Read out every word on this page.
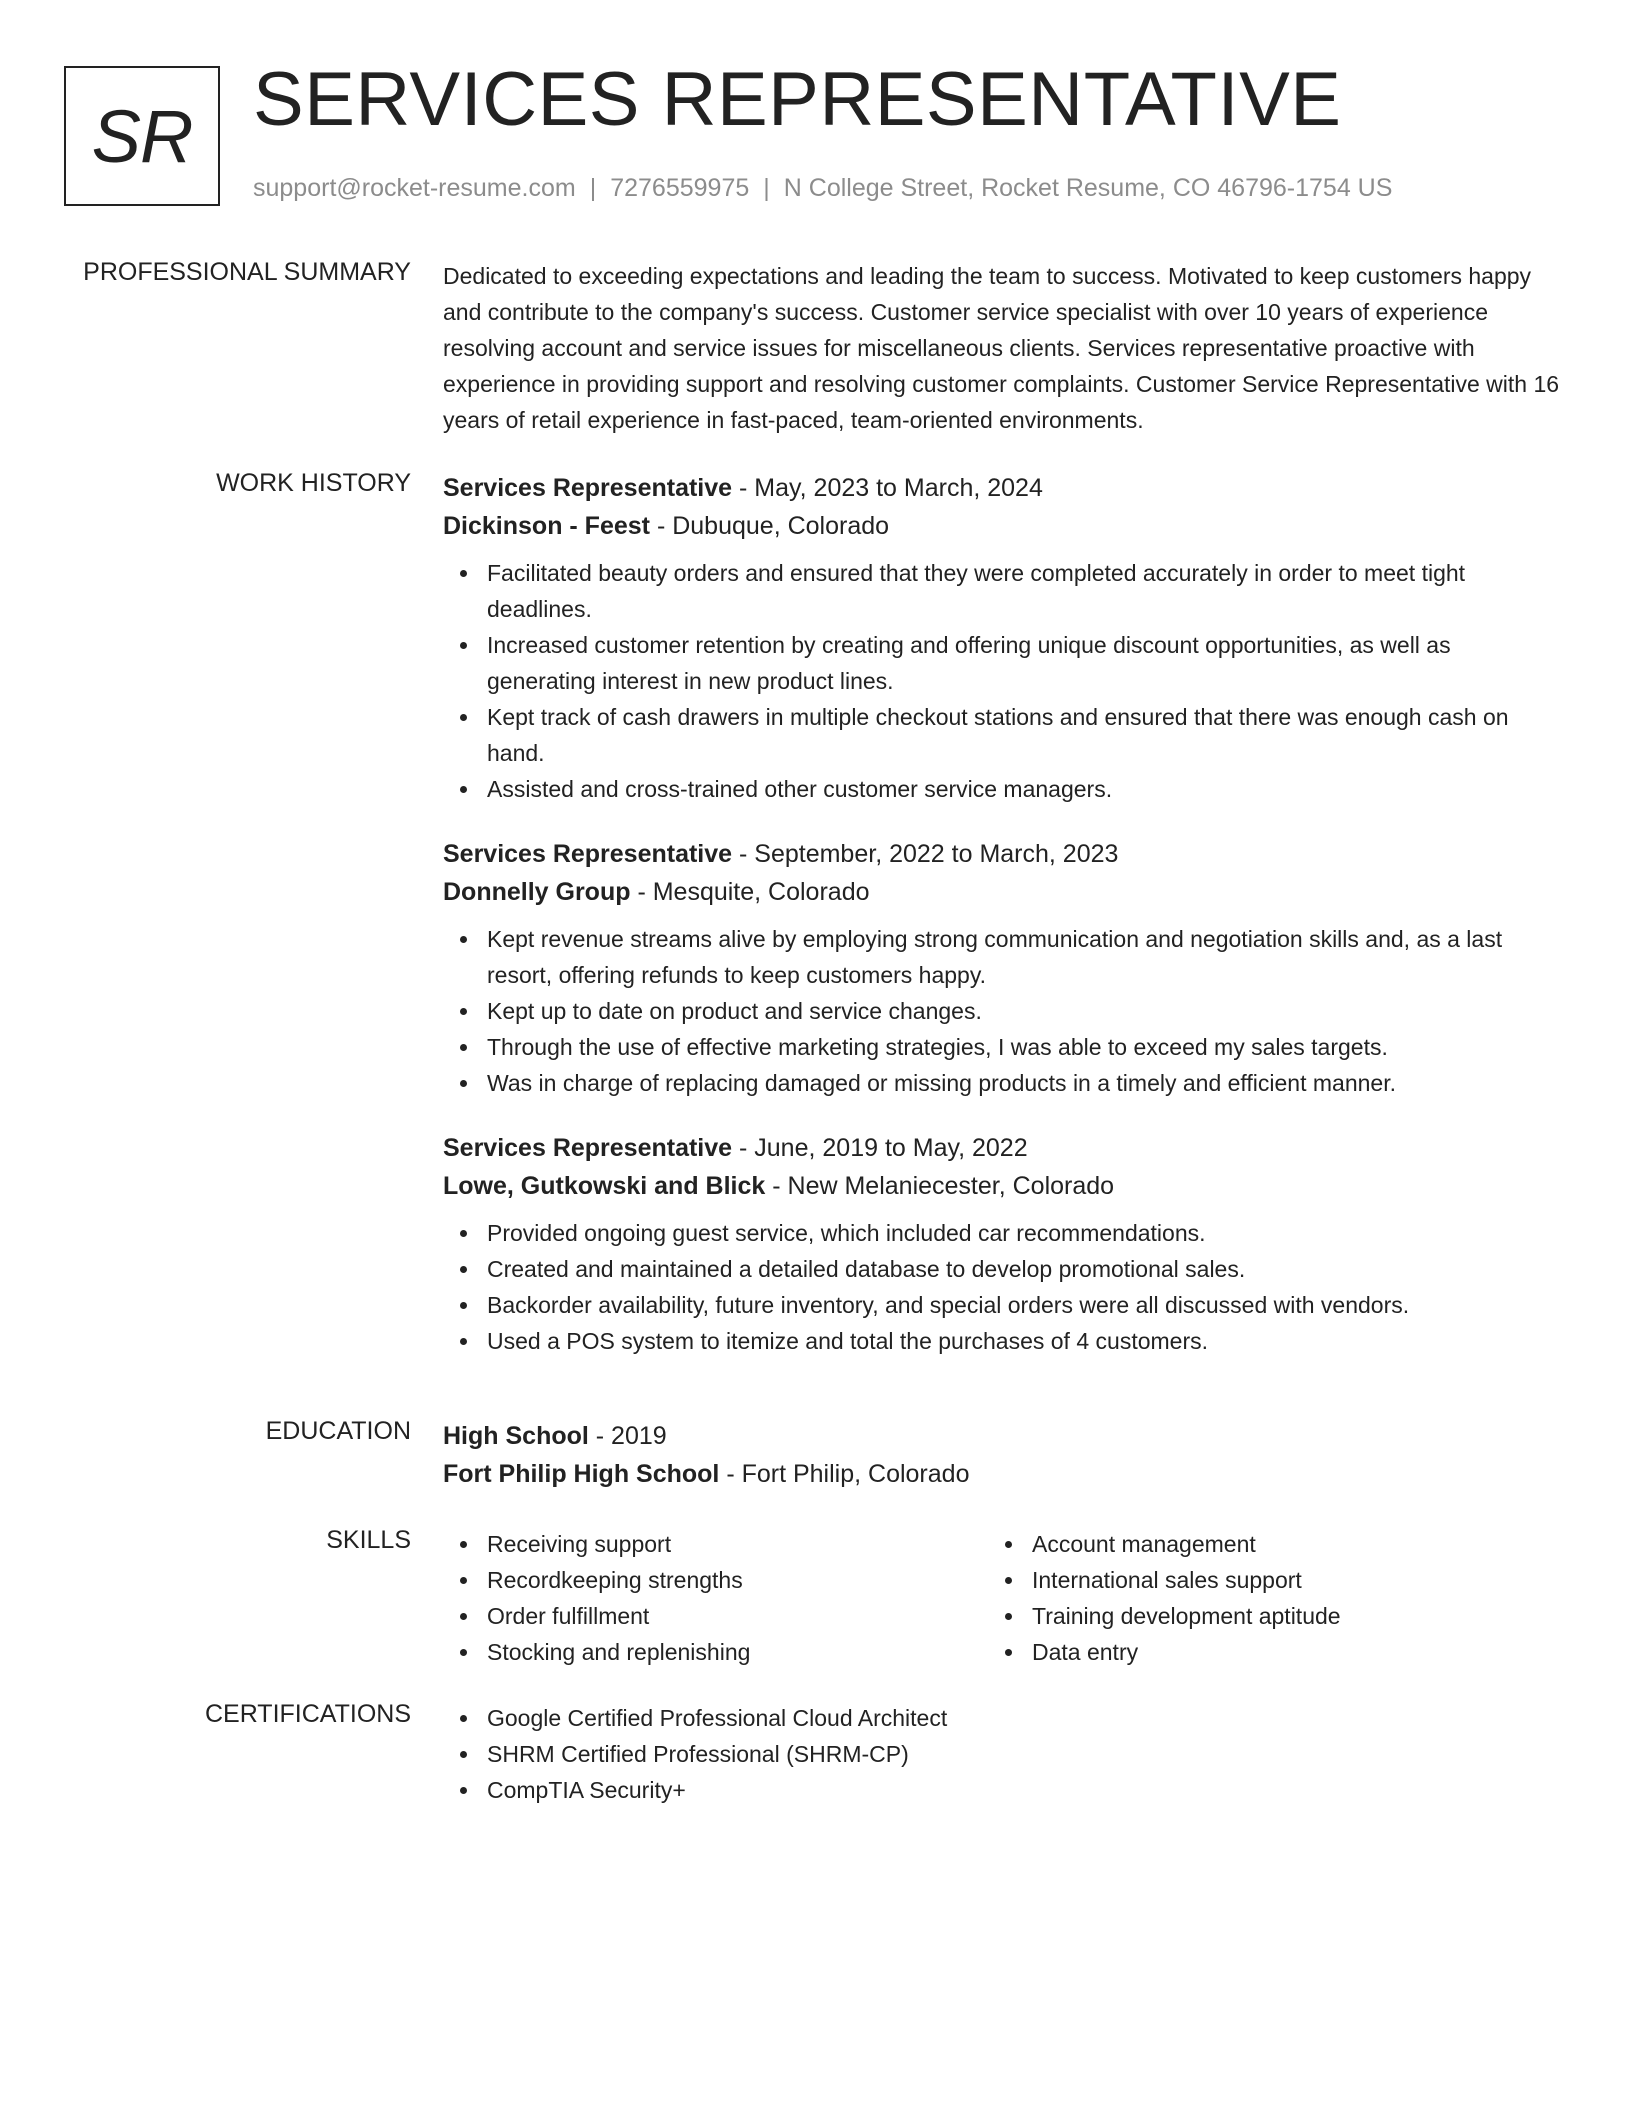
SR SERVICES REPRESENTATIVE
support@rocket-resume.com | 7276559975 | N College Street, Rocket Resume, CO 46796-1754 US
PROFESSIONAL SUMMARY Dedicated to exceeding expectations and leading the team to success. Motivated to keep customers happy and contribute to the company's success. Customer service specialist with over 10 years of experience resolving account and service issues for miscellaneous clients. Services representative proactive with experience in providing support and resolving customer complaints. Customer Service Representative with 16 years of retail experience in fast-paced, team-oriented environments.

WORK HISTORY Services Representative - May, 2023 to March, 2024
Dickinson - Feest - Dubuque, Colorado
Facilitated beauty orders and ensured that they were completed accurately in order to meet tight deadlines.
Increased customer retention by creating and offering unique discount opportunities, as well as generating interest in new product lines.
Kept track of cash drawers in multiple checkout stations and ensured that there was enough cash on hand.
Assisted and cross-trained other customer service managers.
Services Representative - September, 2022 to March, 2023
Donnelly Group - Mesquite, Colorado
Kept revenue streams alive by employing strong communication and negotiation skills and, as a last resort, offering refunds to keep customers happy.
Kept up to date on product and service changes.
Through the use of effective marketing strategies, I was able to exceed my sales targets.
Was in charge of replacing damaged or missing products in a timely and efficient manner.
Services Representative - June, 2019 to May, 2022
Lowe, Gutkowski and Blick - New Melaniecester, Colorado
Provided ongoing guest service, which included car recommendations.
Created and maintained a detailed database to develop promotional sales.
Backorder availability, future inventory, and special orders were all discussed with vendors.
Used a POS system to itemize and total the purchases of 4 customers.
EDUCATION High School - 2019
Fort Philip High School - Fort Philip, Colorado
SKILLS	Receiving support
Recordkeeping strengths
Order fulfillment
Stocking and replenishing
Account management
International sales support
Training development aptitude
Data entry
CERTIFICATIONS	Google Certified Professional Cloud Architect
SHRM Certified Professional (SHRM-CP)
CompTIA Security+
